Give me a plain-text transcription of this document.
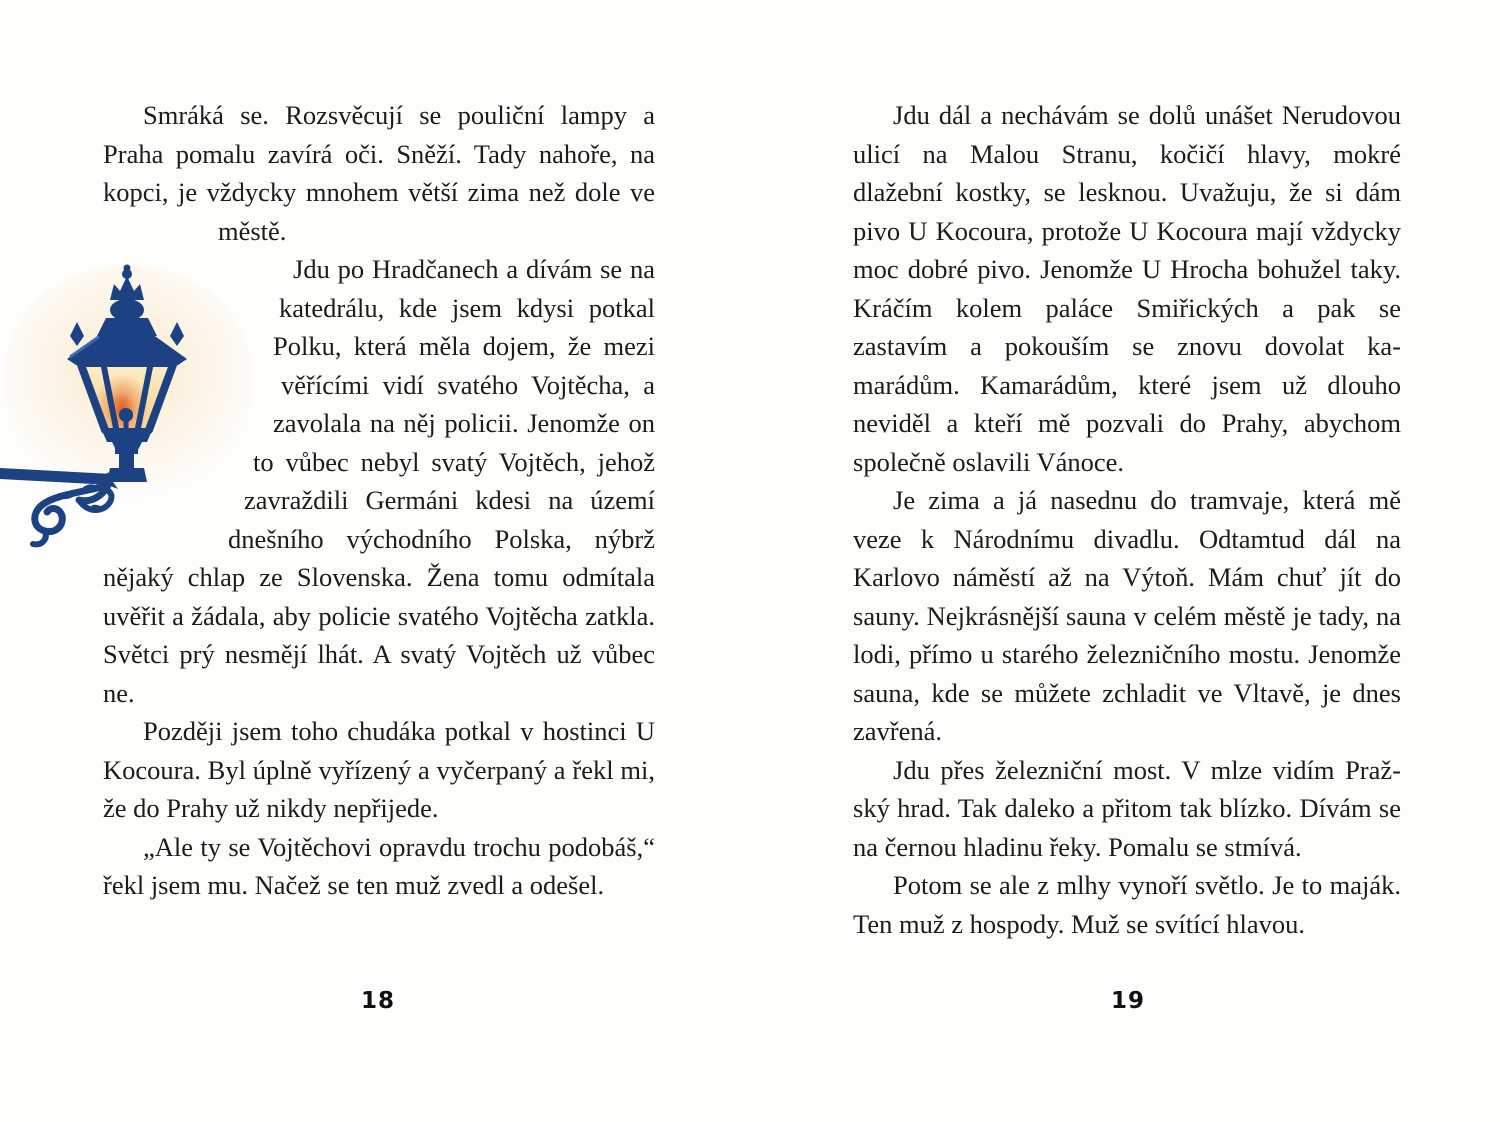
Smráká se. Rozsvěcují se pouliční lampy a Praha pomalu zavírá oči. Sněží. Tady nahoře, na kopci, je vždycky mnohem větší zima než dole ve městě.

Jdu po Hradčanech a dívám se na katedrálu, kde jsem kdysi potkal Polku, která měla dojem, že mezi věřícími vidí svatého Vojtěcha, a zavolala na něj policii. Jenomže on to vůbec nebyl svatý Vojtěch, jehož zavraždili Germáni kdesi na území dnešního východního Polska, nýbrž nějaký chlap ze Slovenska. Žena tomu odmítala uvěřit a žádala, aby policie svatého Vojtěcha zatkla. Světci prý nesmějí lhát. A svatý Vojtěch už vůbec ne.

Později jsem toho chudáka potkal v hostinci U Kocoura. Byl úplně vyřízený a vyčerpaný a řekl mi, že do Prahy už nikdy nepřijede.

„Ale ty se Vojtěchovi opravdu trochu podobáš,“ řekl jsem mu. Načež se ten muž zvedl a odešel.

18

Jdu dál a nechávám se dolů unášet Nerudovou ulicí na Malou Stranu, kočičí hlavy, mokré dlažební kostky, se lesknou. Uvažuju, že si dám pivo U Kocoura, protože U Kocoura mají vždycky moc dobré pivo. Jenomže U Hrocha bohužel taky. Kráčím kolem paláce Smiřických a pak se zastavím a pokouším se znovu dovolat kamarádům. Kamarádům, které jsem už dlouho neviděl a kteří mě pozvali do Prahy, abychom společně oslavili Vánoce.

Je zima a já nasednu do tramvaje, která mě veze k Národnímu divadlu. Odtamtud dál na Karlovo náměstí až na Výtoň. Mám chuť jít do sauny. Nejkrásnější sauna v celém městě je tady, na lodi, přímo u starého železničního mostu. Jenomže sauna, kde se můžete zchladit ve Vltavě, je dnes zavřená.

Jdu přes železniční most. V mlze vidím Pražský hrad. Tak daleko a přitom tak blízko. Dívám se na černou hladinu řeky. Pomalu se stmívá.

Potom se ale z mlhy vynoří světlo. Je to maják. Ten muž z hospody. Muž se svítící hlavou.

19
